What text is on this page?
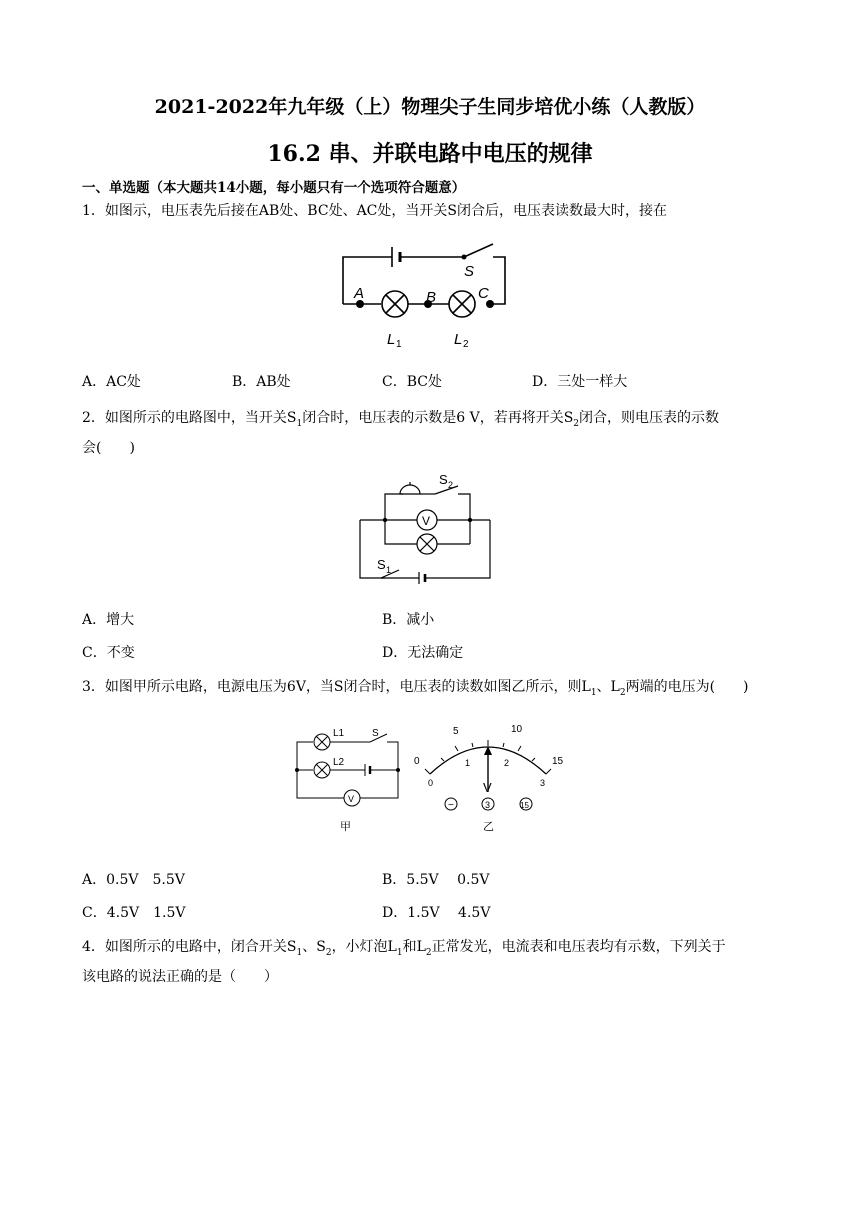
2021-2022年九年级（上）物理尖子生同步培优小练（人教版）
16.2 串、并联电路中电压的规律
一、单选题（本大题共14小题，每小题只有一个选项符合题意）
1．如图示，电压表先后接在AB处、BC处、AC处，当开关S闭合后，电压表读数最大时，接在
A	B	C
S
L 1	L 2
A．AC处	B．AB处	C．BC处	D．三处一样大
2．如图所示的电路图中，当开关$S_1$闭合时，电压表的示数是6 V，若再将开关$S_2$闭合，则电压表的示数
会(　　)
V
S 2
S 1
A．增大	B．减小
C．不变	D．无法确定
3．如图甲所示电路，电源电压为6V，当S闭合时，电压表的读数如图乙所示，则$L_1$、$L_2$两端的电压为(　　)
L1
L2
S
V
甲
0
5	10
15
0
1	2
3
V
−	3	15
乙
A．0.5V　5.5V	B．5.5V　 0.5V
C．4.5V　1.5V	D．1.5V　 4.5V
4．如图所示的电路中，闭合开关$S_1$、$S_2$，小灯泡$L_1$和$L_2$正常发光，电流表和电压表均有示数，下列关于
该电路的说法正确的是（　　）
